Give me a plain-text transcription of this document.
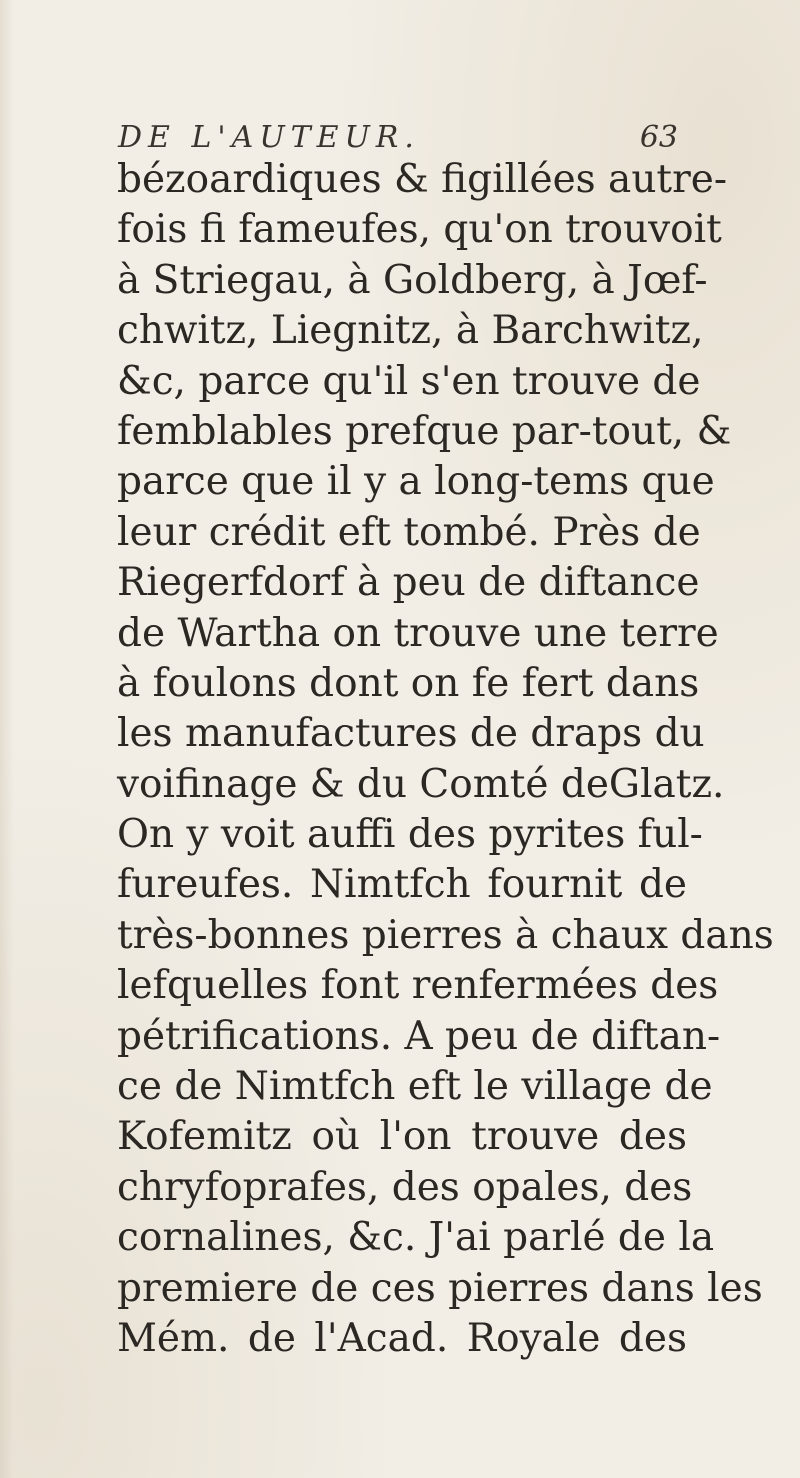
DE L'AUTEUR.	63
bézoardiques & figillées autre-
fois fi fameufes, qu'on trouvoit
à Striegau, à Goldberg, à Jœf-
chwitz, Liegnitz, à Barchwitz,
&c, parce qu'il s'en trouve de
femblables prefque par-tout, &
parce que il y a long-tems que
leur crédit eft tombé. Près de
Riegerfdorf à peu de diftance
de Wartha on trouve une terre
à foulons dont on fe fert dans
les manufactures de draps du
voifinage & du Comté deGlatz.
On y voit auffi des pyrites ful-
fureufes. Nimtfch fournit de
très-bonnes pierres à chaux dans
lefquelles font renfermées des
pétrifications. A peu de diftan-
ce de Nimtfch eft le village de
Kofemitz où l'on trouve des
chryfoprafes, des opales, des
cornalines, &c. J'ai parlé de la
premiere de ces pierres dans les
Mém. de l'Acad. Royale des
